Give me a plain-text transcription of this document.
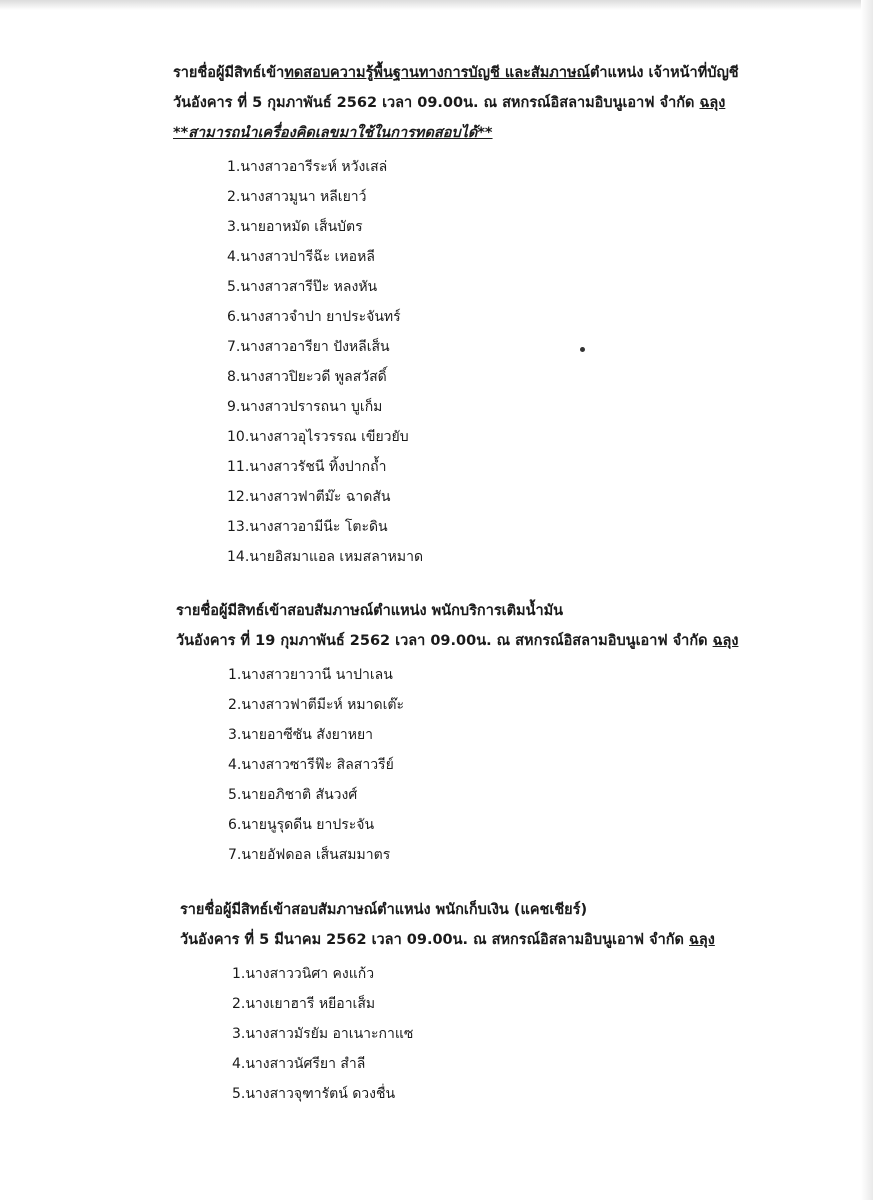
รายชื่อผู้มีสิทธ์เข้าทดสอบความรู้พื้นฐานทางการบัญชี และสัมภาษณ์ตำแหน่ง เจ้าหน้าที่บัญชี
วันอังคาร ที่ 5 กุมภาพันธ์ 2562 เวลา 09.00น. ณ สหกรณ์อิสลามอิบนูเอาฟ จำกัด ฉลุง
**สามารถนำเครื่องคิดเลขมาใช้ในการทดสอบได้**
1.นางสาวอารีระห์ หวังเสล่
2.นางสาวมูนา หลีเยาว์
3.นายอาหมัด เส็นบัตร
4.นางสาวปารีฉ๊ะ เหอหลี
5.นางสาวสารีป๊ะ หลงหัน
6.นางสาวจำปา ยาประจันทร์
7.นางสาวอารียา ปังหลีเส็น
8.นางสาวปิยะวดี พูลสวัสดิ์
9.นางสาวปรารถนา บูเก็ม
10.นางสาวอุไรวรรณ เขียวยับ
11.นางสาวรัชนี ทิ้งปากถ้ำ
12.นางสาวฟาตีม๊ะ ฉาดสัน
13.นางสาวอามีนีะ โตะดิน
14.นายอิสมาแอล เหมสลาหมาด
รายชื่อผู้มีสิทธ์เข้าสอบสัมภาษณ์ตำแหน่ง พนักบริการเติมน้ำมัน
วันอังคาร ที่ 19 กุมภาพันธ์ 2562 เวลา 09.00น. ณ สหกรณ์อิสลามอิบนูเอาฟ จำกัด ฉลุง
1.นางสาวยาวานี นาปาเลน
2.นางสาวฟาตีมีะห์ หมาดเต๊ะ
3.นายอาซีซัน สังยาหยา
4.นางสาวซารีฟ๊ะ สิลสาวรีย์
5.นายอภิชาติ สันวงศ์
6.นายนูรุดดีน ยาประจัน
7.นายอัฟดอล เส็นสมมาตร
รายชื่อผู้มีสิทธ์เข้าสอบสัมภาษณ์ตำแหน่ง พนักเก็บเงิน (แคชเชียร์)
วันอังคาร ที่ 5 มีนาคม 2562 เวลา 09.00น. ณ สหกรณ์อิสลามอิบนูเอาฟ จำกัด ฉลุง
1.นางสาววนิศา คงแก้ว
2.นางเยาฮารี หยีอาเส็ม
3.นางสาวมัรยัม อาเนาะกาแซ
4.นางสาวนัศรียา สำลี
5.นางสาวจุฑารัตน์ ดวงชื่น
